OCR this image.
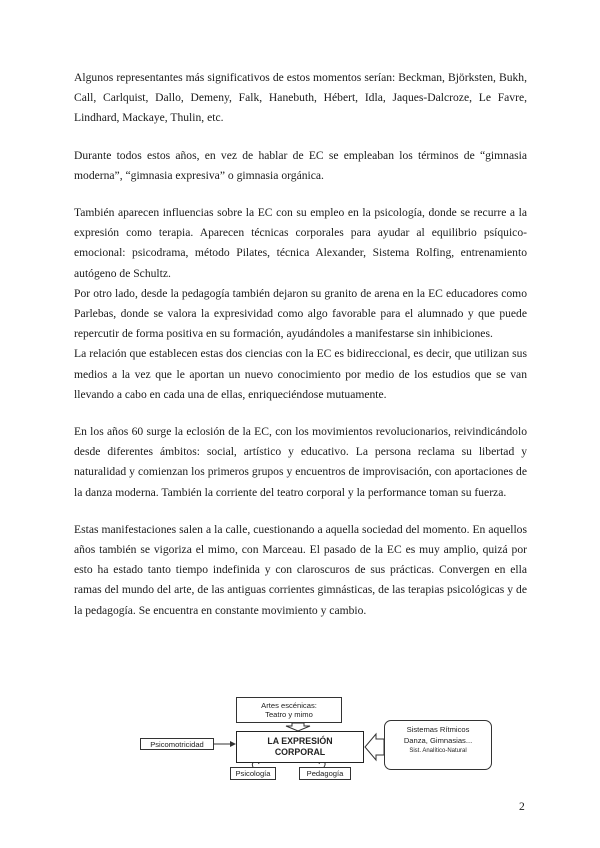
Algunos representantes más significativos de estos momentos serían: Beckman, Björksten, Bukh, Call, Carlquist, Dallo, Demeny, Falk, Hanebuth, Hébert, Idla, Jaques-Dalcroze, Le Favre, Lindhard, Mackaye, Thulin, etc.

Durante todos estos años, en vez de hablar de EC se empleaban los términos de “gimnasia moderna”, “gimnasia expresiva” o gimnasia orgánica.

También aparecen influencias sobre la EC con su empleo en la psicología, donde se recurre a la expresión como terapia. Aparecen técnicas corporales para ayudar al equilibrio psíquico-emocional: psicodrama, método Pilates, técnica Alexander, Sistema Rolfing, entrenamiento autógeno de Schultz.

Por otro lado, desde la pedagogía también dejaron su granito de arena en la EC educadores como Parlebas, donde se valora la expresividad como algo favorable para el alumnado y que puede repercutir de forma positiva en su formación, ayudándoles a manifestarse sin inhibiciones.

La relación que establecen estas dos ciencias con la EC es bidireccional, es decir, que utilizan sus medios a la vez que le aportan un nuevo conocimiento por medio de los estudios que se van llevando a cabo en cada una de ellas, enriqueciéndose mutuamente.

En los años 60 surge la eclosión de la EC, con los movimientos revolucionarios, reivindicándolo desde diferentes ámbitos: social, artístico y educativo. La persona reclama su libertad y naturalidad y comienzan los primeros grupos y encuentros de improvisación, con aportaciones de la danza moderna. También la corriente del teatro corporal y la performance toman su fuerza.

Estas manifestaciones salen a la calle, cuestionando a aquella sociedad del momento. En aquellos años también se vigoriza el mimo, con Marceau. El pasado de la EC es muy amplio, quizá por esto ha estado tanto tiempo indefinida y con claroscuros de sus prácticas. Convergen en ella ramas del mundo del arte, de las antiguas corrientes gimnásticas, de las terapias psicológicas y de la pedagogía. Se encuentra en constante movimiento y cambio.

Artes escénicas:
Teatro y mimo
LA EXPRESIÓN
CORPORAL
Psicomotricidad
Sistemas Rítmicos
Danza, Gimnasias...
Sist. Analítico-Natural
Psicología	Pedagogía
2
